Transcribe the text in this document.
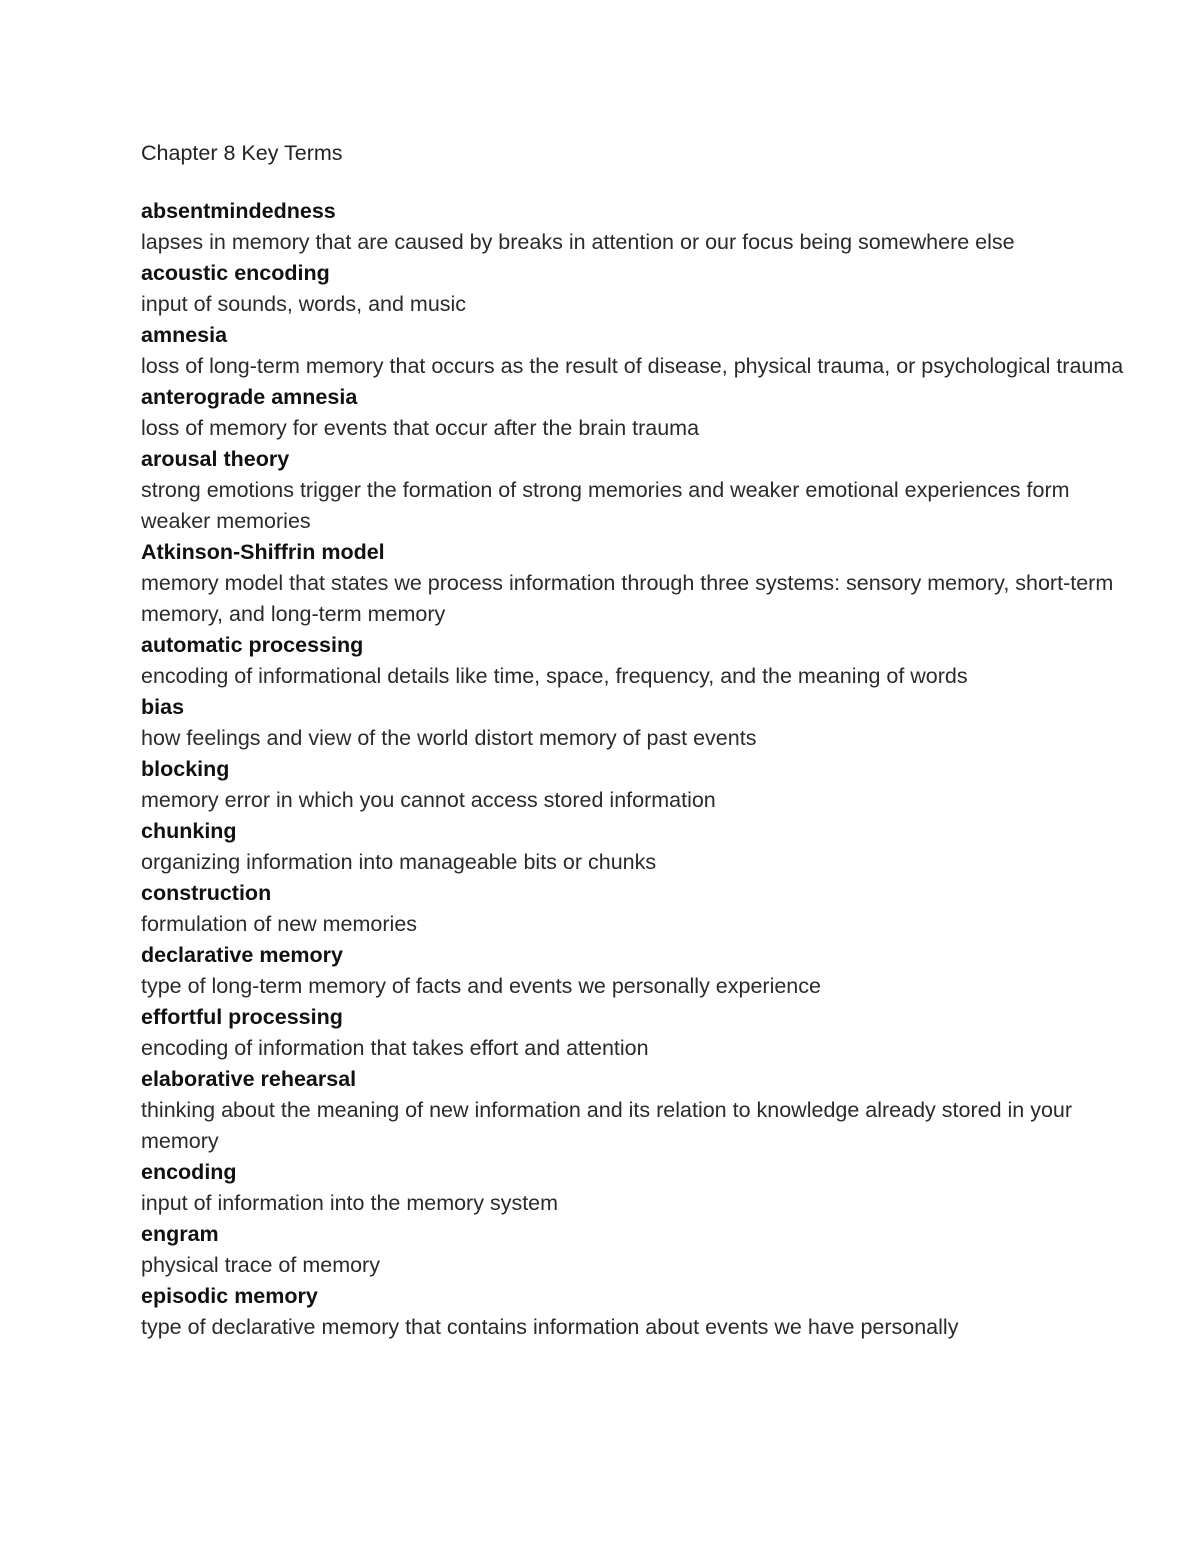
Chapter 8 Key Terms
absentmindedness
lapses in memory that are caused by breaks in attention or our focus being somewhere else
acoustic encoding
input of sounds, words, and music
amnesia
loss of long-term memory that occurs as the result of disease, physical trauma, or psychological trauma
anterograde amnesia
loss of memory for events that occur after the brain trauma
arousal theory
strong emotions trigger the formation of strong memories and weaker emotional experiences form weaker memories
Atkinson-Shiffrin model
memory model that states we process information through three systems: sensory memory, short-term memory, and long-term memory
automatic processing
encoding of informational details like time, space, frequency, and the meaning of words
bias
how feelings and view of the world distort memory of past events
blocking
memory error in which you cannot access stored information
chunking
organizing information into manageable bits or chunks
construction
formulation of new memories
declarative memory
type of long-term memory of facts and events we personally experience
effortful processing
encoding of information that takes effort and attention
elaborative rehearsal
thinking about the meaning of new information and its relation to knowledge already stored in your memory
encoding
input of information into the memory system
engram
physical trace of memory
episodic memory
type of declarative memory that contains information about events we have personally
